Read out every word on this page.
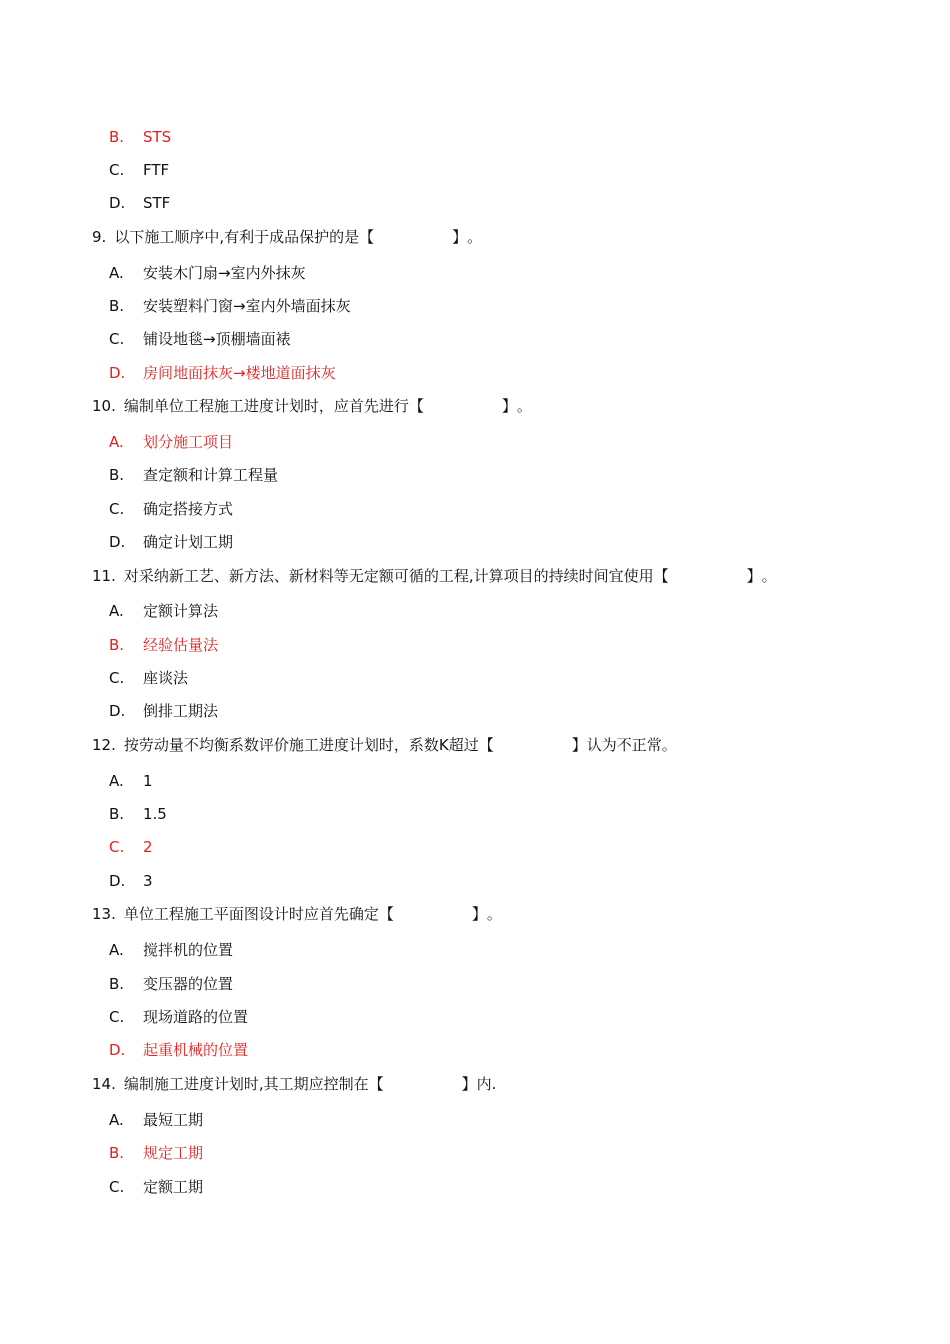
B. STS
C. FTF
D. STF
9. 以下施工顺序中,有利于成品保护的是【	】。
A. 安装木门扇→室内外抹灰
B. 安装塑料门窗→室内外墙面抹灰
C. 铺设地毯→顶棚墙面裱
D. 房间地面抹灰→楼地道面抹灰
10. 编制单位工程施工进度计划时，应首先进行【	】。
A. 划分施工项目
B. 查定额和计算工程量
C. 确定搭接方式
D. 确定计划工期
11. 对采纳新工艺、新方法、新材料等无定额可循的工程,计算项目的持续时间宜使用【	】。
A. 定额计算法
B. 经验估量法
C. 座谈法
D. 倒排工期法
12. 按劳动量不均衡系数评价施工进度计划时，系数K超过【	】认为不正常。
A. 1
B. 1.5
C. 2
D. 3
13. 单位工程施工平面图设计时应首先确定【	】。
A. 搅拌机的位置
B. 变压器的位置
C. 现场道路的位置
D. 起重机械的位置
14. 编制施工进度计划时,其工期应控制在【	】内.
A. 最短工期
B. 规定工期
C. 定额工期
